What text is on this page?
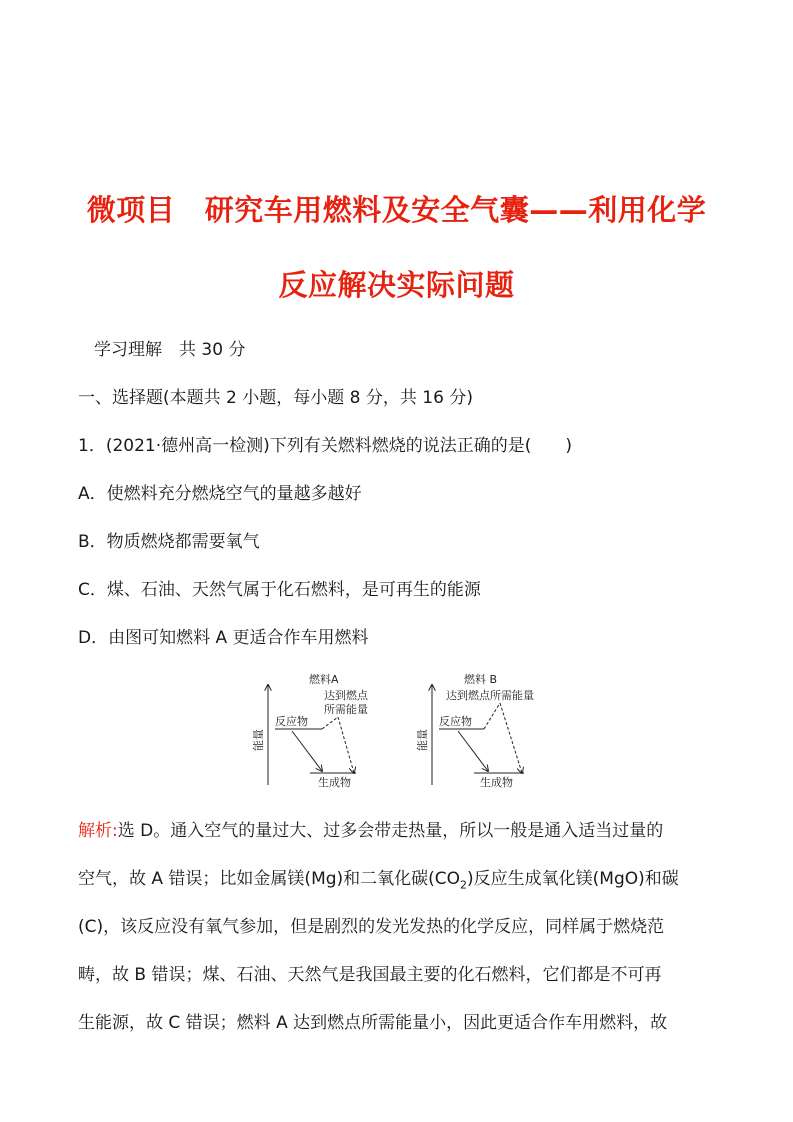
微项目　研究车用燃料及安全气囊——利用化学
反应解决实际问题
学习理解　共 30 分
一、选择题(本题共 2 小题，每小题 8 分，共 16 分)
1．(2021·德州高一检测)下列有关燃料燃烧的说法正确的是(　　)
A．使燃料充分燃烧空气的量越多越好
B．物质燃烧都需要氧气
C．煤、石油、天然气属于化石燃料，是可再生的能源
D．由图可知燃料 A 更适合作车用燃料
燃料A
达到燃点
所需能量
能量
反应物
生成物
燃料 B
达到燃点所需能量
能量
反应物
生成物
解析:选 D。通入空气的量过大、过多会带走热量，所以一般是通入适当过量的
空气，故 A 错误；比如金属镁(Mg)和二氧化碳$(CO_2)$反应生成氧化镁(MgO)和碳
(C)，该反应没有氧气参加，但是剧烈的发光发热的化学反应，同样属于燃烧范
畴，故 B 错误；煤、石油、天然气是我国最主要的化石燃料，它们都是不可再
生能源，故 C 错误；燃料 A 达到燃点所需能量小，因此更适合作车用燃料，故
